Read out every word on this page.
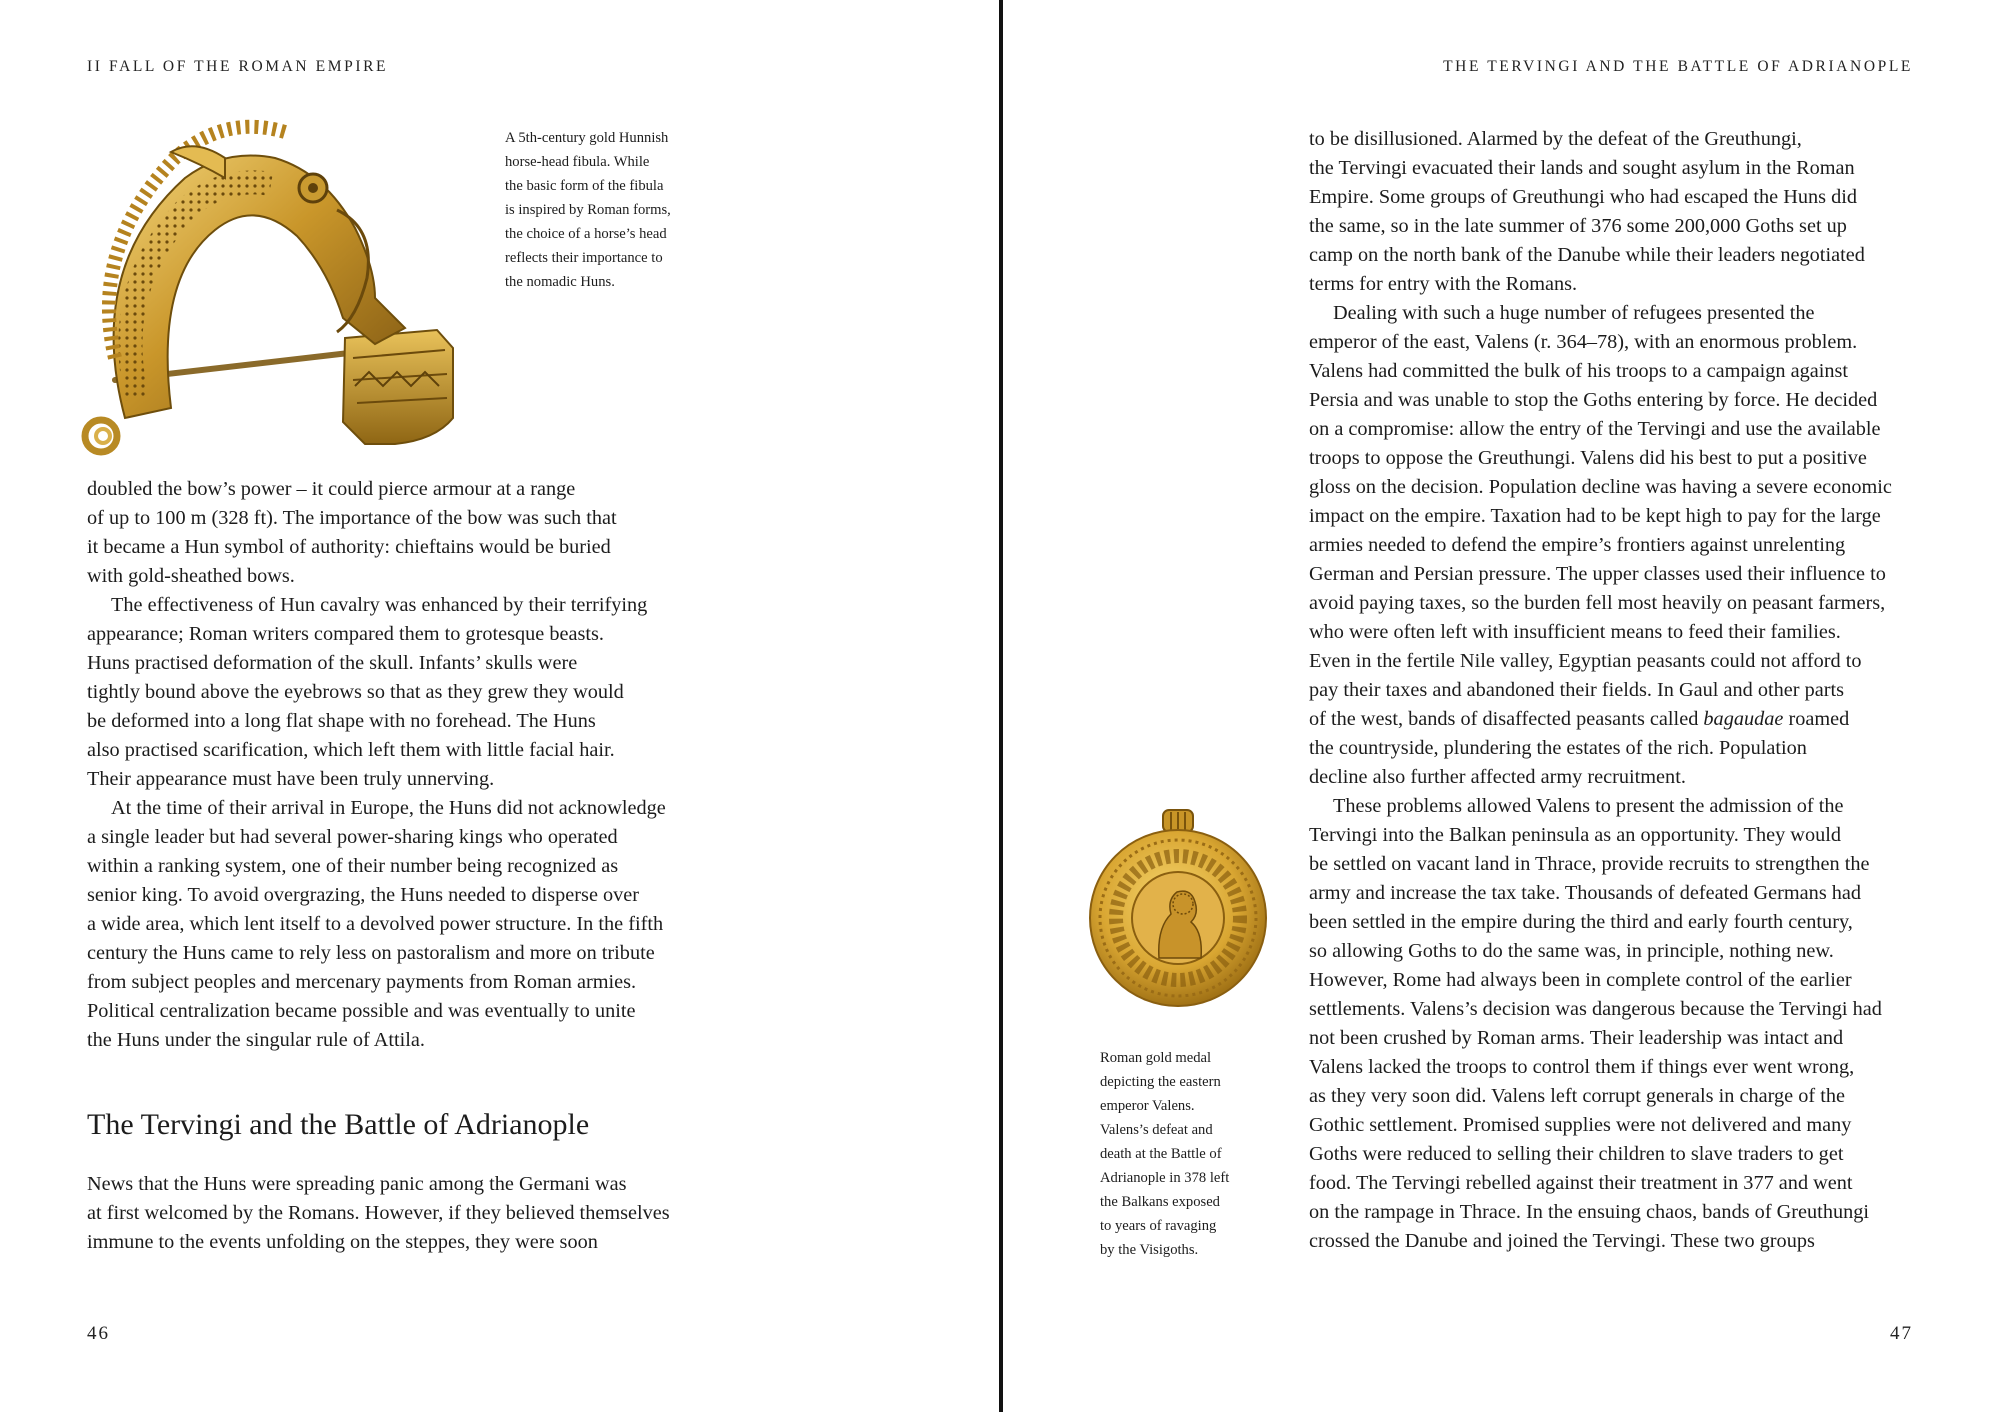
II FALL OF THE ROMAN EMPIRE
A 5th-century gold Hunnish
horse-head fibula. While
the basic form of the fibula
is inspired by Roman forms,
the choice of a horse’s head
reflects their importance to
the nomadic Huns.
doubled the bow’s power – it could pierce armour at a range
of up to 100 m (328 ft). The importance of the bow was such that
it became a Hun symbol of authority: chieftains would be buried
with gold-sheathed bows.
The effectiveness of Hun cavalry was enhanced by their terrifying
appearance; Roman writers compared them to grotesque beasts.
Huns practised deformation of the skull. Infants’ skulls were
tightly bound above the eyebrows so that as they grew they would
be deformed into a long flat shape with no forehead. The Huns
also practised scarification, which left them with little facial hair.
Their appearance must have been truly unnerving.
At the time of their arrival in Europe, the Huns did not acknowledge
a single leader but had several power-sharing kings who operated
within a ranking system, one of their number being recognized as
senior king. To avoid overgrazing, the Huns needed to disperse over
a wide area, which lent itself to a devolved power structure. In the fifth
century the Huns came to rely less on pastoralism and more on tribute
from subject peoples and mercenary payments from Roman armies.
Political centralization became possible and was eventually to unite
the Huns under the singular rule of Attila.
The Tervingi and the Battle of Adrianople
News that the Huns were spreading panic among the Germani was
at first welcomed by the Romans. However, if they believed themselves
immune to the events unfolding on the steppes, they were soon
46
THE TERVINGI AND THE BATTLE OF ADRIANOPLE
Roman gold medal
depicting the eastern
emperor Valens.
Valens’s defeat and
death at the Battle of
Adrianople in 378 left
the Balkans exposed
to years of ravaging
by the Visigoths.
to be disillusioned. Alarmed by the defeat of the Greuthungi,
the Tervingi evacuated their lands and sought asylum in the Roman
Empire. Some groups of Greuthungi who had escaped the Huns did
the same, so in the late summer of 376 some 200,000 Goths set up
camp on the north bank of the Danube while their leaders negotiated
terms for entry with the Romans.
Dealing with such a huge number of refugees presented the
emperor of the east, Valens (r. 364–78), with an enormous problem.
Valens had committed the bulk of his troops to a campaign against
Persia and was unable to stop the Goths entering by force. He decided
on a compromise: allow the entry of the Tervingi and use the available
troops to oppose the Greuthungi. Valens did his best to put a positive
gloss on the decision. Population decline was having a severe economic
impact on the empire. Taxation had to be kept high to pay for the large
armies needed to defend the empire’s frontiers against unrelenting
German and Persian pressure. The upper classes used their influence to
avoid paying taxes, so the burden fell most heavily on peasant farmers,
who were often left with insufficient means to feed their families.
Even in the fertile Nile valley, Egyptian peasants could not afford to
pay their taxes and abandoned their fields. In Gaul and other parts
of the west, bands of disaffected peasants called bagaudae roamed
the countryside, plundering the estates of the rich. Population
decline also further affected army recruitment.
These problems allowed Valens to present the admission of the
Tervingi into the Balkan peninsula as an opportunity. They would
be settled on vacant land in Thrace, provide recruits to strengthen the
army and increase the tax take. Thousands of defeated Germans had
been settled in the empire during the third and early fourth century,
so allowing Goths to do the same was, in principle, nothing new.
However, Rome had always been in complete control of the earlier
settlements. Valens’s decision was dangerous because the Tervingi had
not been crushed by Roman arms. Their leadership was intact and
Valens lacked the troops to control them if things ever went wrong,
as they very soon did. Valens left corrupt generals in charge of the
Gothic settlement. Promised supplies were not delivered and many
Goths were reduced to selling their children to slave traders to get
food. The Tervingi rebelled against their treatment in 377 and went
on the rampage in Thrace. In the ensuing chaos, bands of Greuthungi
crossed the Danube and joined the Tervingi. These two groups
47
